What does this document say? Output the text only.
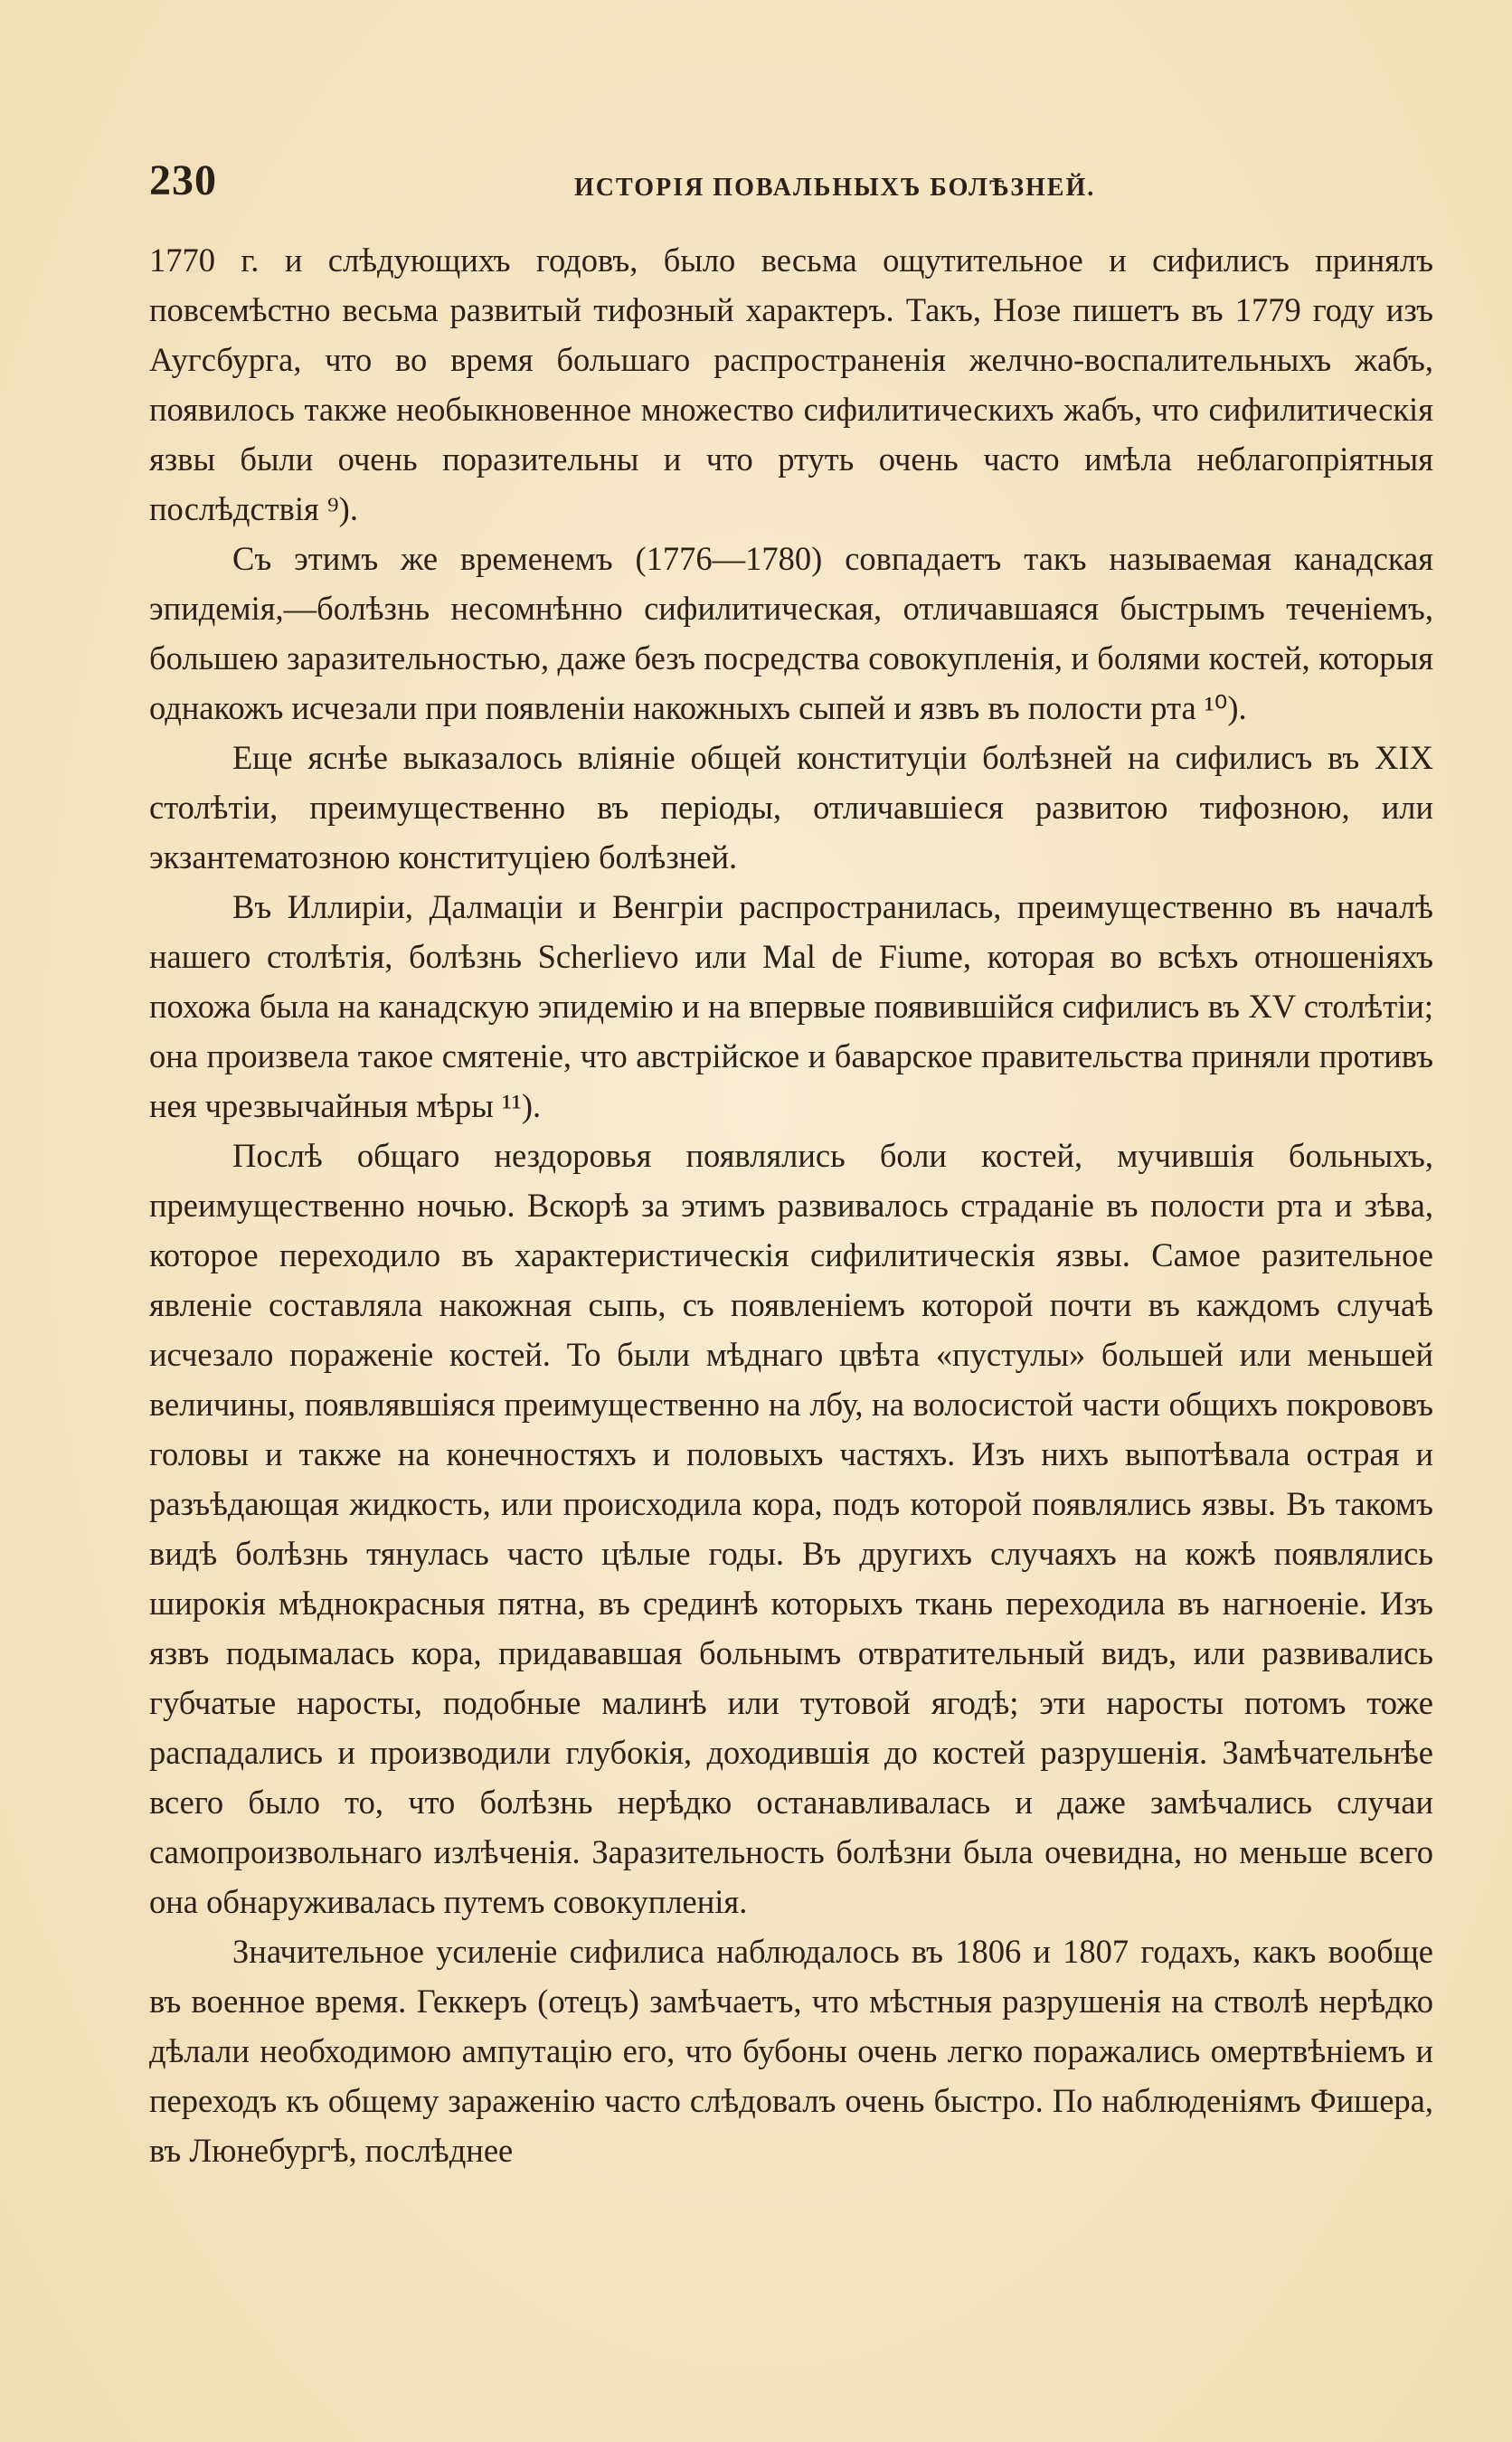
230	ИСТОРІЯ ПОВАЛЬНЫХЪ БОЛѢЗНЕЙ.

1770 г. и слѣдующихъ годовъ, было весьма ощутительное и сифилисъ принялъ повсемѣстно весьма развитый тифозный характеръ. Такъ, Нозе пишетъ въ 1779 году изъ Аугсбурга, что во время большаго распространенія желчно-воспалительныхъ жабъ, появилось также необыкновенное множество сифилитическихъ жабъ, что сифилитическія язвы были очень поразительны и что ртуть очень часто имѣла неблагопріятныя послѣдствія ⁹).

Съ этимъ же временемъ (1776—1780) совпадаетъ такъ называемая канадская эпидемія,—болѣзнь несомнѣнно сифилитическая, отличавшаяся быстрымъ теченіемъ, большею заразительностью, даже безъ посредства совокупленія, и болями костей, которыя однакожъ исчезали при появленіи накожныхъ сыпей и язвъ въ полости рта ¹⁰).

Еще яснѣе выказалось вліяніе общей конституціи болѣзней на сифилисъ въ XIX столѣтіи, преимущественно въ періоды, отличавшіеся развитою тифозною, или экзантематозною конституціею болѣзней.

Въ Иллиріи, Далмаціи и Венгріи распространилась, преимущественно въ началѣ нашего столѣтія, болѣзнь Scherlievo или Mal de Fiume, которая во всѣхъ отношеніяхъ похожа была на канадскую эпидемію и на впервые появившійся сифилисъ въ XV столѣтіи; она произвела такое смятеніе, что австрійское и баварское правительства приняли противъ нея чрезвычайныя мѣры ¹¹).

Послѣ общаго нездоровья появлялись боли костей, мучившія больныхъ, преимущественно ночью. Вскорѣ за этимъ развивалось страданіе въ полости рта и зѣва, которое переходило въ характеристическія сифилитическія язвы. Самое разительное явленіе составляла накожная сыпь, съ появленіемъ которой почти въ каждомъ случаѣ исчезало пораженіе костей. То были мѣднаго цвѣта «пустулы» большей или меньшей величины, появлявшіяся преимущественно на лбу, на волосистой части общихъ покрововъ головы и также на конечностяхъ и половыхъ частяхъ. Изъ нихъ выпотѣвала острая и разъѣдающая жидкость, или происходила кора, подъ которой появлялись язвы. Въ такомъ видѣ болѣзнь тянулась часто цѣлые годы. Въ другихъ случаяхъ на кожѣ появлялись широкія мѣднокрасныя пятна, въ срединѣ которыхъ ткань переходила въ нагноеніе. Изъ язвъ подымалась кора, придававшая больнымъ отвратительный видъ, или развивались губчатые наросты, подобные малинѣ или тутовой ягодѣ; эти наросты потомъ тоже распадались и производили глубокія, доходившія до костей разрушенія. Замѣчательнѣе всего было то, что болѣзнь нерѣдко останавливалась и даже замѣчались случаи самопроизвольнаго излѣченія. Заразительность болѣзни была очевидна, но меньше всего она обнаруживалась путемъ совокупленія.

Значительное усиленіе сифилиса наблюдалось въ 1806 и 1807 годахъ, какъ вообще въ военное время. Геккеръ (отецъ) замѣчаетъ, что мѣстныя разрушенія на стволѣ нерѣдко дѣлали необходимою ампутацію его, что бубоны очень легко поражались омертвѣніемъ и переходъ къ общему зараженію часто слѣдовалъ очень быстро. По наблюденіямъ Фишера, въ Люнебургѣ, послѣднее
